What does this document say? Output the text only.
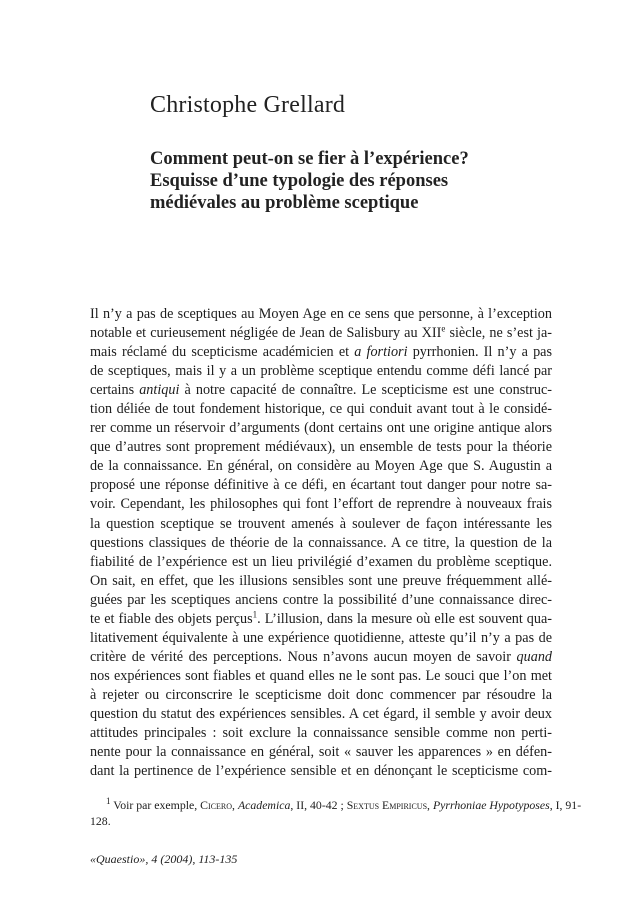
Christophe Grellard
Comment peut-on se fier à l’expérience?
Esquisse d’une typologie des réponses
médiévales au problème sceptique
Il n’y a pas de sceptiques au Moyen Age en ce sens que personne, à l’exception
notable et curieusement négligée de Jean de Salisbury au XIIe siècle, ne s’est ja-
mais réclamé du scepticisme académicien et a fortiori pyrrhonien. Il n’y a pas
de sceptiques, mais il y a un problème sceptique entendu comme défi lancé par
certains antiqui à notre capacité de connaître. Le scepticisme est une construc-
tion déliée de tout fondement historique, ce qui conduit avant tout à le considé-
rer comme un réservoir d’arguments (dont certains ont une origine antique alors
que d’autres sont proprement médiévaux), un ensemble de tests pour la théorie
de la connaissance. En général, on considère au Moyen Age que S. Augustin a
proposé une réponse définitive à ce défi, en écartant tout danger pour notre sa-
voir. Cependant, les philosophes qui font l’effort de reprendre à nouveaux frais
la question sceptique se trouvent amenés à soulever de façon intéressante les
questions classiques de théorie de la connaissance. A ce titre, la question de la
fiabilité de l’expérience est un lieu privilégié d’examen du problème sceptique.
On sait, en effet, que les illusions sensibles sont une preuve fréquemment allé-
guées par les sceptiques anciens contre la possibilité d’une connaissance direc-
te et fiable des objets perçus$^1$. L’illusion, dans la mesure où elle est souvent qua-
litativement équivalente à une expérience quotidienne, atteste qu’il n’y a pas de
critère de vérité des perceptions. Nous n’avons aucun moyen de savoir quand
nos expériences sont fiables et quand elles ne le sont pas. Le souci que l’on met
à rejeter ou circonscrire le scepticisme doit donc commencer par résoudre la
question du statut des expériences sensibles. A cet égard, il semble y avoir deux
attitudes principales : soit exclure la connaissance sensible comme non perti-
nente pour la connaissance en général, soit « sauver les apparences » en défen-
dant la pertinence de l’expérience sensible et en dénonçant le scepticisme com-
$^1$ Voir par exemple, Cicero, Academica, II, 40-42 ; Sextus Empiricus, Pyrrhoniae Hypotyposes, I, 91-
128.
«Quaestio», 4 (2004), 113-135
